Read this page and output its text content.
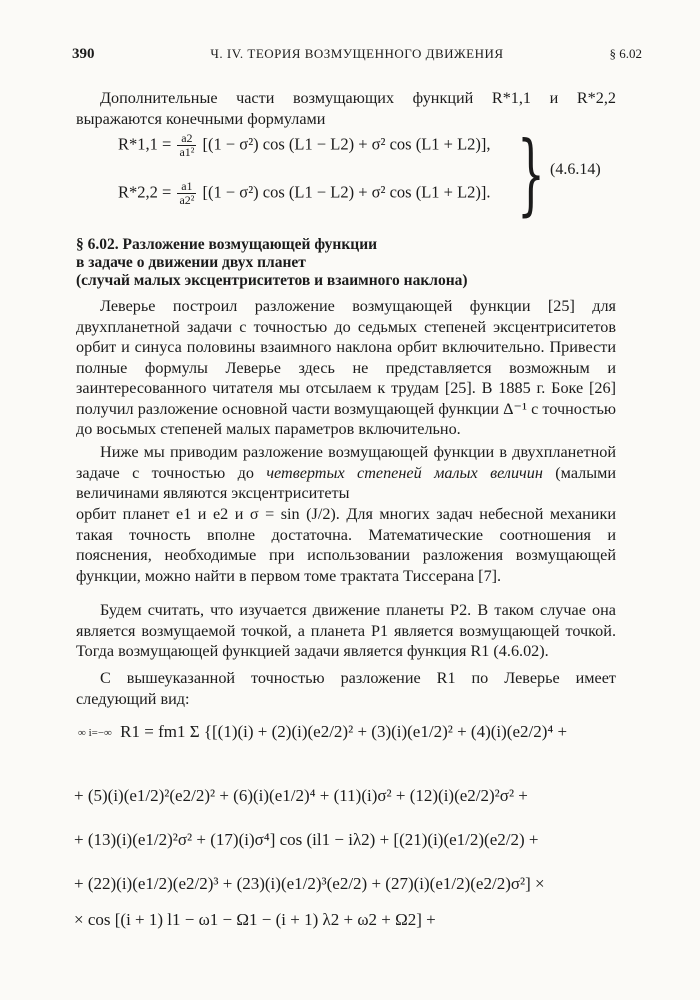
390	Ч. IV. ТЕОРИЯ ВОЗМУЩЕННОГО ДВИЖЕНИЯ	§ 6.02
Дополнительные части возмущающих функций R*1,1 и R*2,2 выражаются конечными формулами
$R*1,1 = \frac{a2}{\text{a1²}} [(1 - \sigma^2)$ cos (L1 − L2) + σ² cos (L1 + L2)],
$R*2,2 = \frac{a1}{\text{a2²}} [(1 - \sigma^2)$ cos (L1 − L2) + σ² cos (L1 + L2)]. } (4.6.14)
§ 6.02. Разложение возмущающей функции
в задаче о движении двух планет
(случай малых эксцентриситетов и взаимного наклона)
Леверье построил разложение возмущающей функции [25] для двухпланетной задачи с точностью до седьмых степеней эксцентриситетов орбит и синуса половины взаимного наклона орбит включительно. Привести полные формулы Леверье здесь не представляется возможным и заинтересованного читателя мы отсылаем к трудам [25]. В 1885 г. Боке [26] получил разложение основной части возмущающей функции Δ⁻¹ с точностью до восьмых степеней малых параметров включительно.
Ниже мы приводим разложение возмущающей функции в двухпланетной задаче с точностью до четвертых степеней малых величин (малыми величинами являются эксцентриситеты
орбит планет e1 и e2 и σ = sin (J/2). Для многих задач небесной механики такая точность вполне достаточна. Математические соотношения и пояснения, необходимые при использовании разложения возмущающей функции, можно найти в первом томе трактата Тиссерана [7].
Будем считать, что изучается движение планеты P2. В таком случае она является возмущаемой точкой, а планета P1 является возмущающей точкой. Тогда возмущающей функцией задачи является функция R1 (4.6.02).
С вышеуказанной точностью разложение R1 по Леверье имеет следующий вид:
∞ i=−∞ R1 = fm1 Σ {[(1)(i) + (2)(i)(e2/2)² + (3)(i)(e1/2)² + (4)(i)(e2/2)⁴ +
+ (5)(i)(e1/2)²(e2/2)² + (6)(i)(e1/2)⁴ + (11)(i)σ² + (12)(i)(e2/2)²σ² +
+ (13)(i)(e1/2)²σ² + (17)(i)σ⁴] cos (il1 − iλ2) + [(21)(i)(e1/2)(e2/2) +
+ (22)(i)(e1/2)(e2/2)³ + (23)(i)(e1/2)³(e2/2) + (27)(i)(e1/2)(e2/2)σ²] ×
× cos [(i + 1) l1 − ω1 − Ω1 − (i + 1) λ2 + ω2 + Ω2] +
